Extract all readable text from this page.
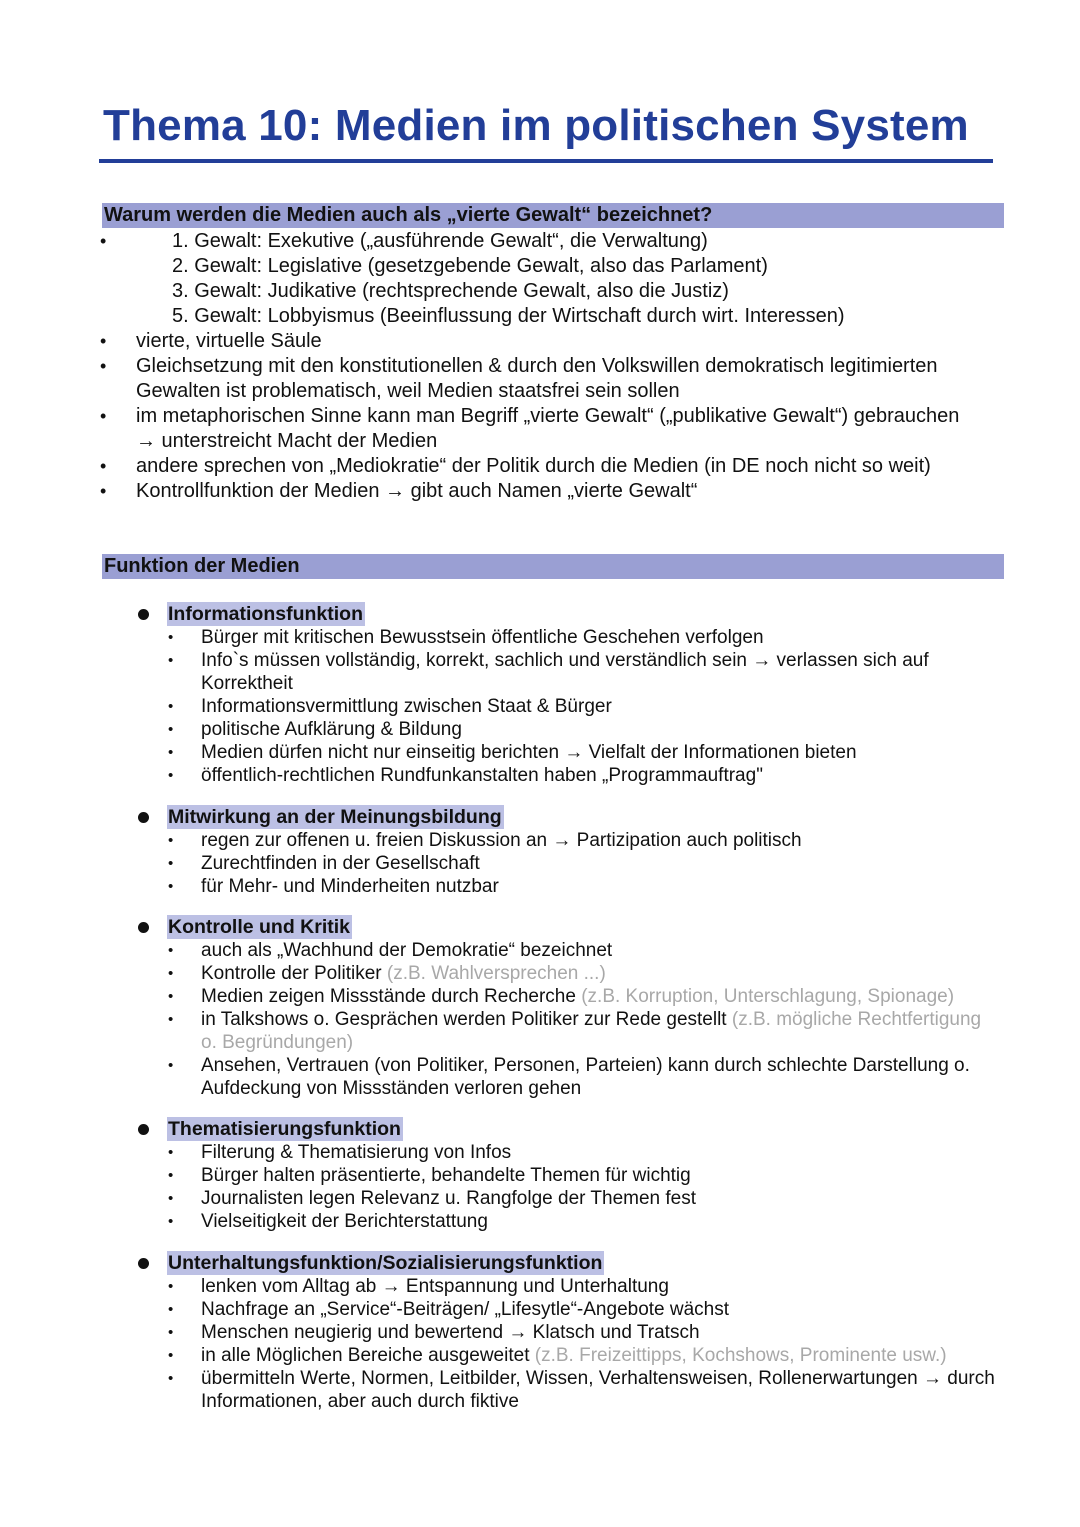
Thema 10: Medien im politischen System
Warum werden die Medien auch als „vierte Gewalt“ bezeichnet?
•	1. Gewalt: Exekutive („ausführende Gewalt“, die Verwaltung)
2. Gewalt: Legislative (gesetzgebende Gewalt, also das Parlament)
3. Gewalt: Judikative (rechtsprechende Gewalt, also die Justiz)
5. Gewalt: Lobbyismus (Beeinflussung der Wirtschaft durch wirt. Interessen)
• vierte, virtuelle Säule
• Gleichsetzung mit den konstitutionellen & durch den Volkswillen demokratisch legitimierten Gewalten ist problematisch, weil Medien staatsfrei sein sollen
• im metaphorischen Sinne kann man Begriff „vierte Gewalt“ („publikative Gewalt“) gebrauchen → unterstreicht Macht der Medien
• andere sprechen von „Mediokratie“ der Politik durch die Medien (in DE noch nicht so weit)
• Kontrollfunktion der Medien → gibt auch Namen „vierte Gewalt“
Funktion der Medien
Informationsfunktion
• Bürger mit kritischen Bewusstsein öffentliche Geschehen verfolgen
• Info`s müssen vollständig, korrekt, sachlich und verständlich sein → verlassen sich auf Korrektheit
• Informationsvermittlung zwischen Staat & Bürger
• politische Aufklärung & Bildung
• Medien dürfen nicht nur einseitig berichten → Vielfalt der Informationen bieten
• öffentlich-rechtlichen Rundfunkanstalten haben „Programmauftrag"
Mitwirkung an der Meinungsbildung
• regen zur offenen u. freien Diskussion an → Partizipation auch politisch
• Zurechtfinden in der Gesellschaft
• für Mehr- und Minderheiten nutzbar
Kontrolle und Kritik
• auch als „Wachhund der Demokratie“ bezeichnet
• Kontrolle der Politiker (z.B. Wahlversprechen ...)
• Medien zeigen Missstände durch Recherche (z.B. Korruption, Unterschlagung, Spionage)
• in Talkshows o. Gesprächen werden Politiker zur Rede gestellt (z.B. mögliche Rechtfertigung o. Begründungen)
• Ansehen, Vertrauen (von Politiker, Personen, Parteien) kann durch schlechte Darstellung o. Aufdeckung von Missständen verloren gehen
Thematisierungsfunktion
• Filterung & Thematisierung von Infos
• Bürger halten präsentierte, behandelte Themen für wichtig
• Journalisten legen Relevanz u. Rangfolge der Themen fest
• Vielseitigkeit der Berichterstattung
Unterhaltungsfunktion/Sozialisierungsfunktion
• lenken vom Alltag ab → Entspannung und Unterhaltung
• Nachfrage an „Service“-Beiträgen/ „Lifesytle“-Angebote wächst
• Menschen neugierig und bewertend → Klatsch und Tratsch
• in alle Möglichen Bereiche ausgeweitet (z.B. Freizeittipps, Kochshows, Prominente usw.)
• übermitteln Werte, Normen, Leitbilder, Wissen, Verhaltensweisen, Rollenerwartungen → durch Informationen, aber auch durch fiktive
